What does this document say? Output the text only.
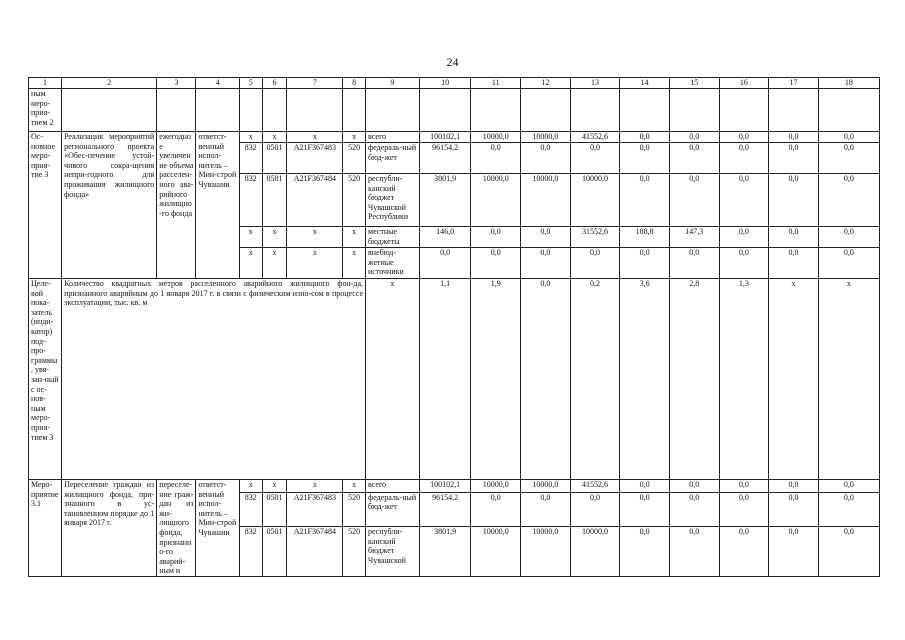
24
1	2	3	4	5	6	7	8	9	10	11	12	13	14	15	16	17	18
ным меро-прия-тием 2																	
Ос-новное меро-прия-тие 3	Реализация мероприятий регионального проекта «Обес-печение устой-чивого сокра-щения непри-годного для проживания жилищного фонда»	ежегодное увеличение объема расселен-ного ава-рийного жилищно-го фонда	ответст-венный испол-нитель – Мин-строй Чувашии	x	x	x	x	всего	100102,1	10000,0	10000,0	41552,6	0,0	0,0	0,0	0,0	0,0
				832	0501	A21F367483	520	федераль-ный бюд-жет	96154,2	0,0	0,0	0,0	0,0	0,0	0,0	0,0	0,0
				832	0501	A21F367484	520	республи-канский бюджет Чувашской Республики	3801,9	10000,0	10000,0	10000,0	0,0	0,0	0,0	0,0	0,0
				x	x	x	x	местные бюджеты	146,0	0,0	0,0	31552,6	188,8	147,3	0,0	0,0	0,0
				x	x	x	x	внебюд-жетные источники	0,0	0,0	0,0	0,0	0,0	0,0	0,0	0,0	0,0
Целе-вой пока-затель (инди-катор) под-про-граммы, увя-зан-ный с ос-нов-ным меро-прия-тием 3	Количество квадратных метров расселенного аварийного жилищного фон-да, признанного аварийным до 1 января 2017 г. в связи с физическим изно-сом в процессе эксплуатации, тыс. кв. м							x	1,1	1,9	0,0	0,2	3,6	2,8	1,3	x	x
Меро-приятие 3.1	Переселение граждан из жилищного фонда, при-знанного в ус-тановленном порядке до 1 января 2017 г.	переселе-ние граж-дан из жи-лищного фонда, признанно-го аварий-ным и	ответст-венный испол-нитель – Мин-строй Чувашии	x	x	x	x	всего	100102,1	10000,0	10000,0	41552,6	0,0	0,0	0,0	0,0	0,0
				832	0501	A21F367483	520	федераль-ный бюд-жет	96154,2	0,0	0,0	0,0	0,0	0,0	0,0	0,0	0,0
				832	0501	A21F367484	520	республи-канский бюджет Чувашской	3801,9	10000,0	10000,0	10000,0	0,0	0,0	0,0	0,0	0,0
